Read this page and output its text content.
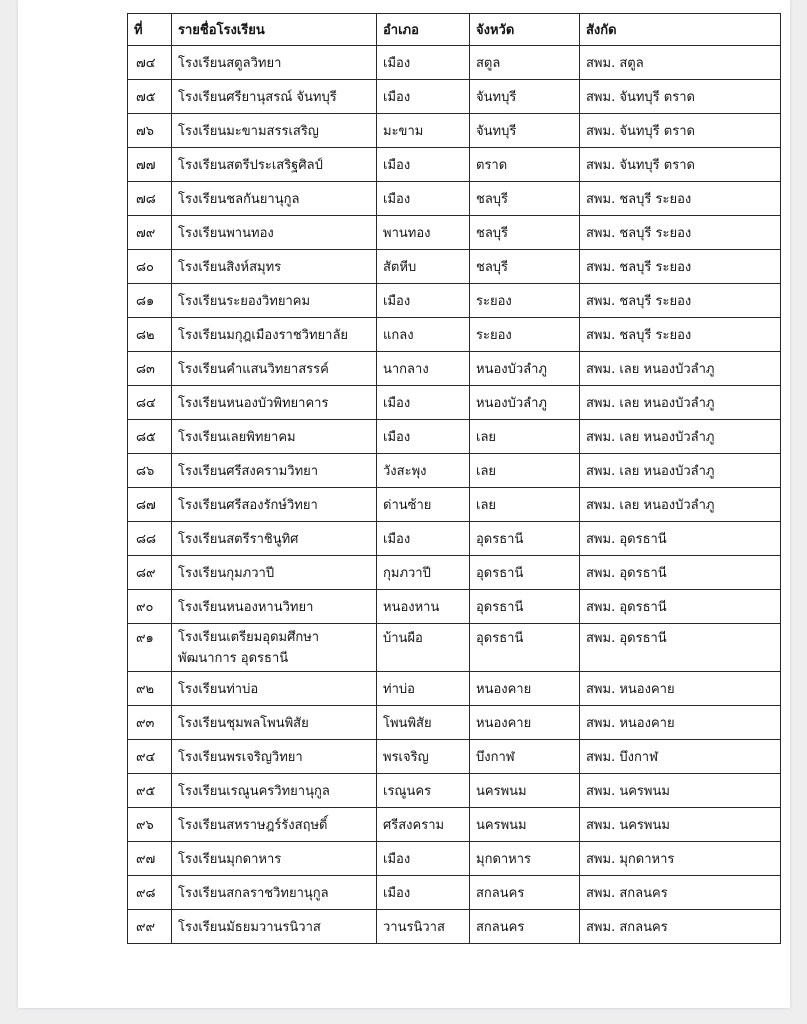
ที่	รายชื่อโรงเรียน	อำเภอ	จังหวัด	สังกัด
๗๔	โรงเรียนสตูลวิทยา	เมือง	สตูล	สพม. สตูล
๗๕	โรงเรียนศรียานุสรณ์ จันทบุรี	เมือง	จันทบุรี	สพม. จันทบุรี ตราด
๗๖	โรงเรียนมะขามสรรเสริญ	มะขาม	จันทบุรี	สพม. จันทบุรี ตราด
๗๗	โรงเรียนสตรีประเสริฐศิลป์	เมือง	ตราด	สพม. จันทบุรี ตราด
๗๘	โรงเรียนชลกันยานุกูล	เมือง	ชลบุรี	สพม. ชลบุรี ระยอง
๗๙	โรงเรียนพานทอง	พานทอง	ชลบุรี	สพม. ชลบุรี ระยอง
๘๐	โรงเรียนสิงห์สมุทร	สัตหีบ	ชลบุรี	สพม. ชลบุรี ระยอง
๘๑	โรงเรียนระยองวิทยาคม	เมือง	ระยอง	สพม. ชลบุรี ระยอง
๘๒	โรงเรียนมกุฎเมืองราชวิทยาลัย	แกลง	ระยอง	สพม. ชลบุรี ระยอง
๘๓	โรงเรียนคำแสนวิทยาสรรค์	นากลาง	หนองบัวลำภู	สพม. เลย หนองบัวลำภู
๘๔	โรงเรียนหนองบัวพิทยาคาร	เมือง	หนองบัวลำภู	สพม. เลย หนองบัวลำภู
๘๕	โรงเรียนเลยพิทยาคม	เมือง	เลย	สพม. เลย หนองบัวลำภู
๘๖	โรงเรียนศรีสงครามวิทยา	วังสะพุง	เลย	สพม. เลย หนองบัวลำภู
๘๗	โรงเรียนศรีสองรักษ์วิทยา	ด่านซ้าย	เลย	สพม. เลย หนองบัวลำภู
๘๘	โรงเรียนสตรีราชินูทิศ	เมือง	อุดรธานี	สพม. อุดรธานี
๘๙	โรงเรียนกุมภวาปี	กุมภวาปี	อุดรธานี	สพม. อุดรธานี
๙๐	โรงเรียนหนองหานวิทยา	หนองหาน	อุดรธานี	สพม. อุดรธานี
๙๑	โรงเรียนเตรียมอุดมศึกษาพัฒนาการ อุดรธานี	บ้านผือ	อุดรธานี	สพม. อุดรธานี
๙๒	โรงเรียนท่าบ่อ	ท่าบ่อ	หนองคาย	สพม. หนองคาย
๙๓	โรงเรียนชุมพลโพนพิสัย	โพนพิสัย	หนองคาย	สพม. หนองคาย
๙๔	โรงเรียนพรเจริญวิทยา	พรเจริญ	บึงกาฬ	สพม. บึงกาฬ
๙๕	โรงเรียนเรณูนครวิทยานุกูล	เรณูนคร	นครพนม	สพม. นครพนม
๙๖	โรงเรียนสหราษฎร์รังสฤษดิ์	ศรีสงคราม	นครพนม	สพม. นครพนม
๙๗	โรงเรียนมุกดาหาร	เมือง	มุกดาหาร	สพม. มุกดาหาร
๙๘	โรงเรียนสกลราชวิทยานุกูล	เมือง	สกลนคร	สพม. สกลนคร
๙๙	โรงเรียนมัธยมวานรนิวาส	วานรนิวาส	สกลนคร	สพม. สกลนคร
